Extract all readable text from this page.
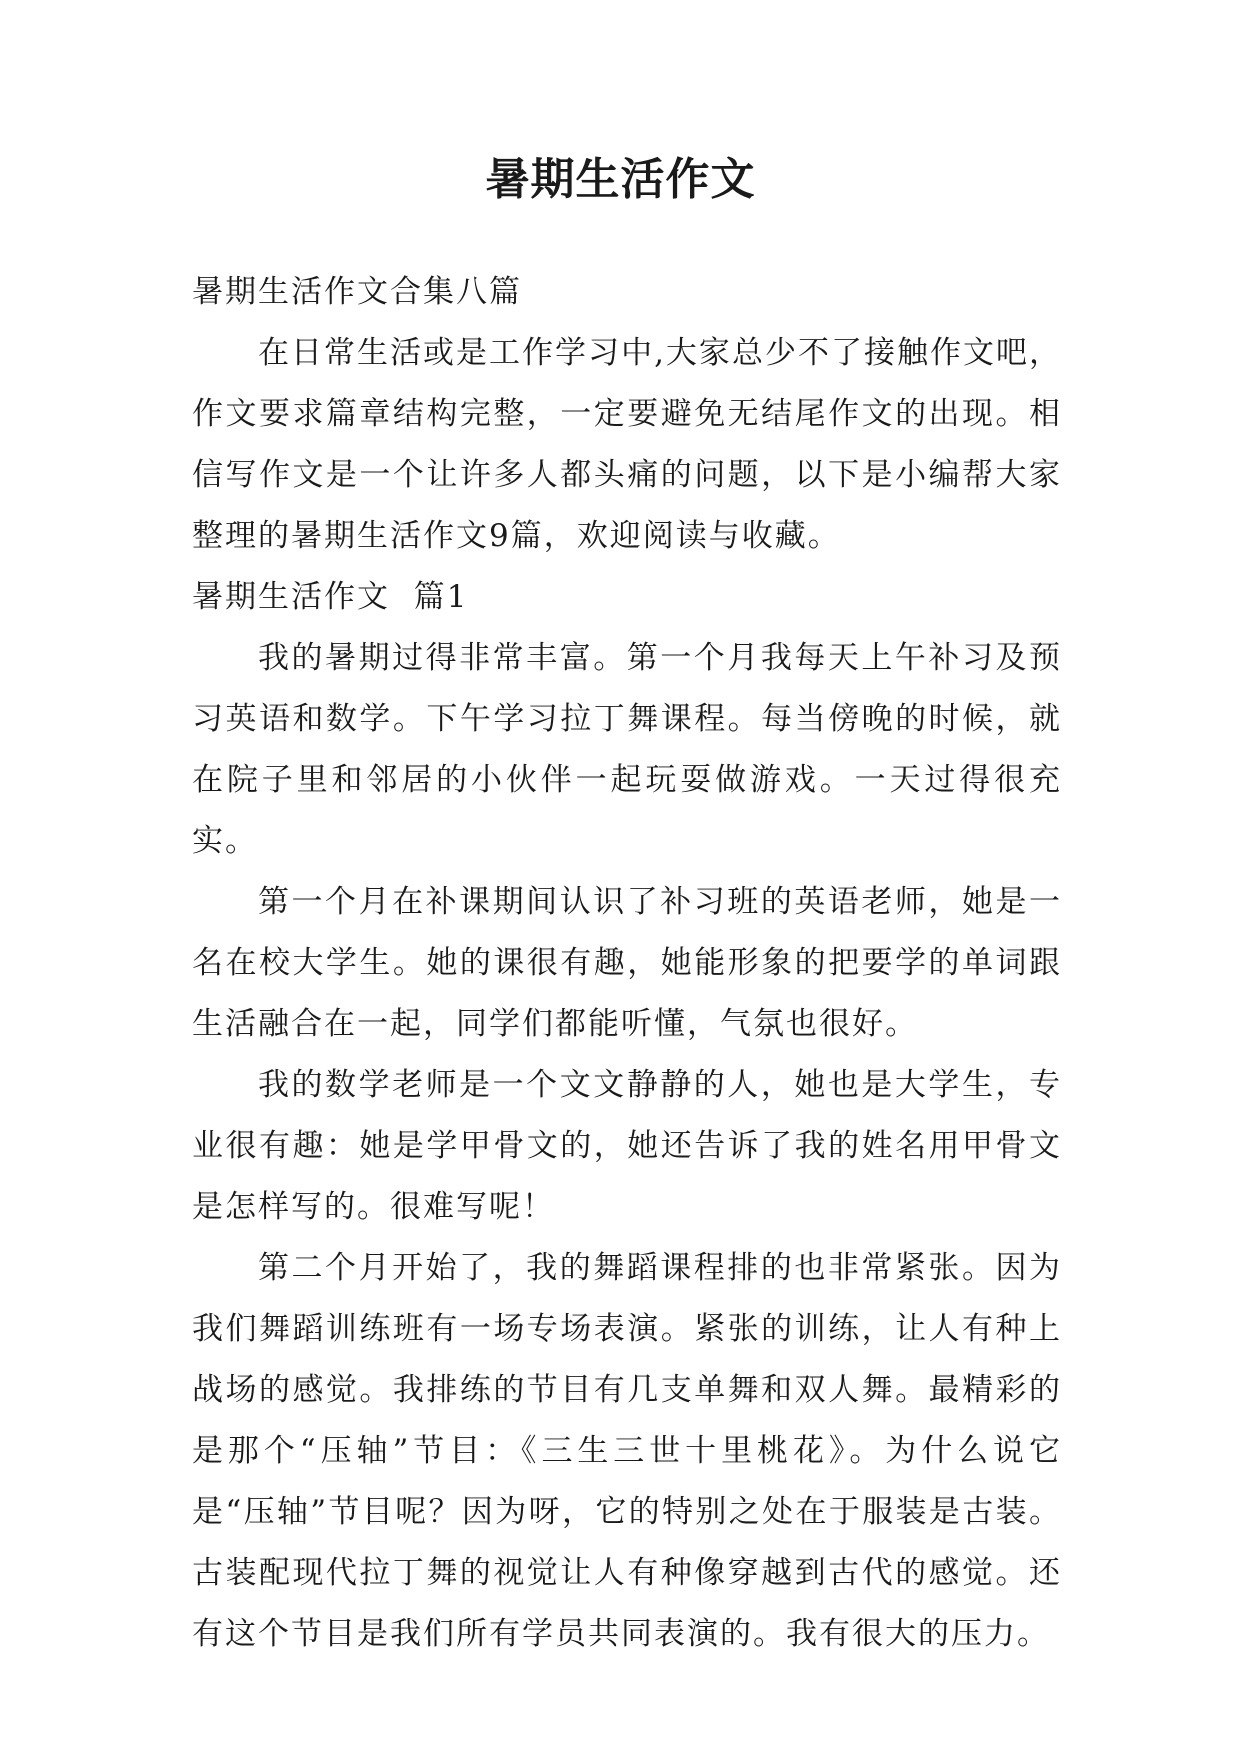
暑期生活作文

暑期生活作文合集八篇

在日常生活或是工作学习中,大家总少不了接触作文吧，作文要求篇章结构完整，一定要避免无结尾作文的出现。相信写作文是一个让许多人都头痛的问题，以下是小编帮大家整理的暑期生活作文9篇，欢迎阅读与收藏。

暑期生活作文  篇1

我的暑期过得非常丰富。第一个月我每天上午补习及预习英语和数学。下午学习拉丁舞课程。每当傍晚的时候，就在院子里和邻居的小伙伴一起玩耍做游戏。一天过得很充实。

第一个月在补课期间认识了补习班的英语老师，她是一名在校大学生。她的课很有趣，她能形象的把要学的单词跟生活融合在一起，同学们都能听懂，气氛也很好。

我的数学老师是一个文文静静的人，她也是大学生，专业很有趣：她是学甲骨文的，她还告诉了我的姓名用甲骨文是怎样写的。很难写呢！

第二个月开始了，我的舞蹈课程排的也非常紧张。因为我们舞蹈训练班有一场专场表演。紧张的训练，让人有种上战场的感觉。我排练的节目有几支单舞和双人舞。最精彩的是那个“压轴”节目：《三生三世十里桃花》。为什么说它是“压轴”节目呢？因为呀，它的特别之处在于服装是古装。古装配现代拉丁舞的视觉让人有种像穿越到古代的感觉。还有这个节目是我们所有学员共同表演的。我有很大的压力。
